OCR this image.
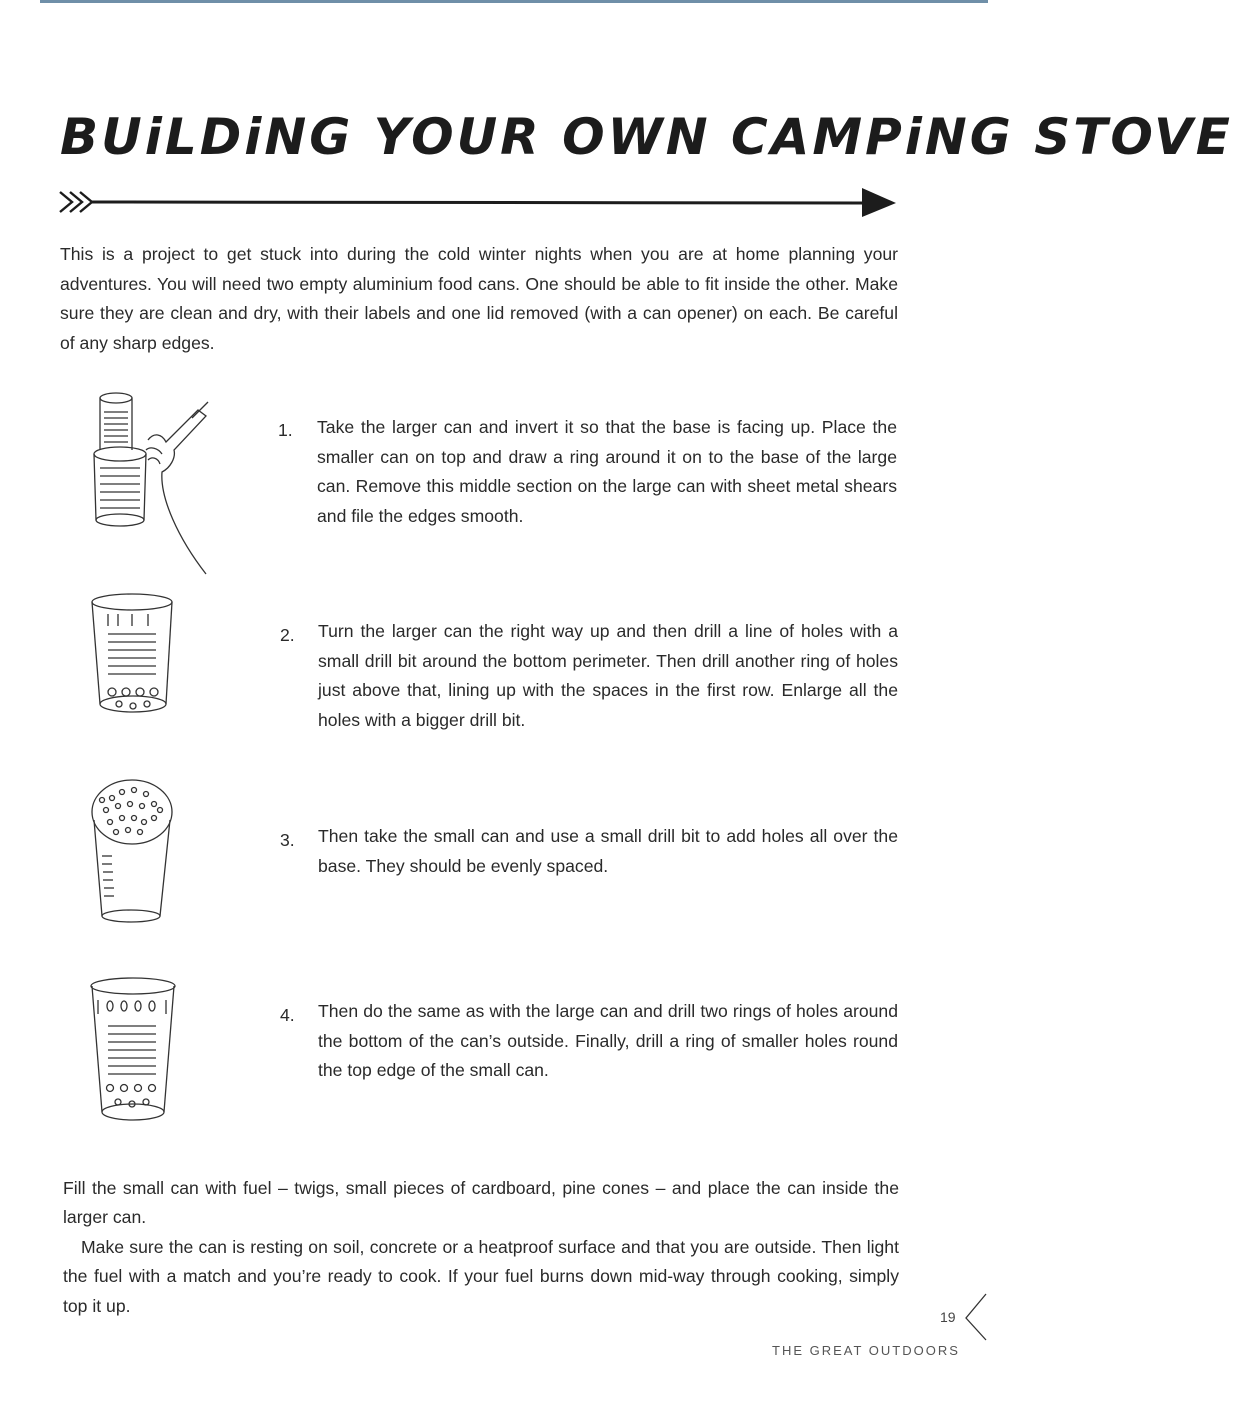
BUiLDiNG YOUR OWN CAMPiNG STOVE
This is a project to get stuck into during the cold winter nights when you are at home planning your adventures. You will need two empty aluminium food cans. One should be able to fit inside the other. Make sure they are clean and dry, with their labels and one lid removed (with a can opener) on each. Be careful of any sharp edges.
1. Take the larger can and invert it so that the base is facing up. Place the smaller can on top and draw a ring around it on to the base of the large can. Remove this middle section on the large can with sheet metal shears and file the edges smooth.
2. Turn the larger can the right way up and then drill a line of holes with a small drill bit around the bottom perimeter. Then drill another ring of holes just above that, lining up with the spaces in the first row. Enlarge all the holes with a bigger drill bit.
3. Then take the small can and use a small drill bit to add holes all over the base. They should be evenly spaced.
4. Then do the same as with the large can and drill two rings of holes around the bottom of the can’s outside. Finally, drill a ring of smaller holes round the top edge of the small can.

Fill the small can with fuel – twigs, small pieces of cardboard, pine cones – and place the can inside the larger can.

Make sure the can is resting on soil, concrete or a heatproof surface and that you are outside. Then light the fuel with a match and you’re ready to cook. If your fuel burns down mid-way through cooking, simply top it up.

19
THE GREAT OUTDOORS
